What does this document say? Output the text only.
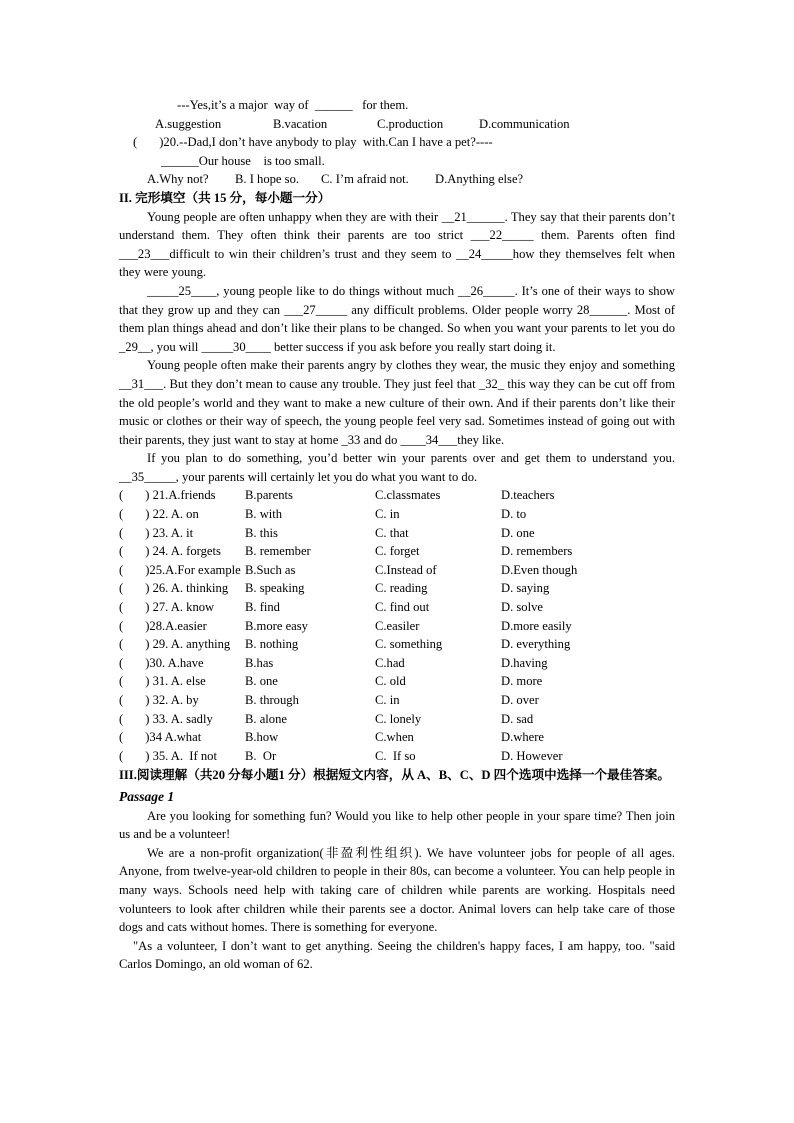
---Yes,it’s a major  way of  ______   for them.
A.suggestion	B.vacation	C.production	D.communication
(       )20.--Dad,I don’t have anybody to play  with.Can I have a pet?----
______Our house    is too small.
A.Why not?	B. I hope so.	C. I’m afraid not.	D.Anything else?
II. 完形填空（共 15 分，每小题一分）

Young people are often unhappy when they are with their __21______. They say that their parents don’t understand them. They often think their parents are too strict ___22_____ them. Parents often find ___23___difficult to win their children’s trust and they seem to __24_____how they themselves felt when they were young.

_____25____, young people like to do things without much __26_____. It’s one of their ways to show that they grow up and they can ___27_____ any difficult problems. Older people worry 28______. Most of them plan things ahead and don’t like their plans to be changed. So when you want your parents to let you do _29__, you will _____30____ better success if you ask before you really start doing it.

Young people often make their parents angry by clothes they wear, the music they enjoy and something __31___. But they don’t mean to cause any trouble. They just feel that _32_ this way they can be cut off from the old people’s world and they want to make a new culture of their own. And if their parents don’t like their music or clothes or their way of speech, the young people feel very sad. Sometimes instead of going out with their parents, they just want to stay at home _33 and do ____34___they like.

If you plan to do something, you’d better win your parents over and get them to understand you. __35_____, your parents will certainly let you do what you want to do.

(       ) 21.A.friends B.parents	C.classmates	D.teachers
(       ) 22. A. on	B. with	C. in	D. to
(       ) 23. A. it	B. this	C. that	D. one
(       ) 24. A. forgets B. remember	C. forget	D. remembers
(       )25.A.For example B.Such as	C.Instead of	D.Even though
(       ) 26. A. thinking B. speaking	C. reading	D. saying
(       ) 27. A. know B. find	C. find out	D. solve
(       )28.A.easier	B.more easy	C.easiler	D.more easily
(       ) 29. A. anything B. nothing	C. something	D. everything
(       )30. A.have	B.has	C.had	D.having
(       ) 31. A. else	B. one	C. old	D. more
(       ) 32. A. by	B. through	C. in	D. over
(       ) 33. A. sadly	B. alone	C. lonely	D. sad
(       )34 A.what	B.how	C.when	D.where
(       ) 35. A.  If not B.  Or	C.  If so	D. However
III.阅读理解（共20 分每小题1 分）根据短文内容，从 A、B、C、D 四个选项中选择一个最佳答案。
Passage 1

Are you looking for something fun? Would you like to help other people in your spare time? Then join us and be a volunteer!

We are a non-profit organization(非盈利性组织). We have volunteer jobs for people of all ages. Anyone, from twelve-year-old children to people in their 80s, can become a volunteer. You can help people in many ways. Schools need help with taking care of children while parents are working. Hospitals need volunteers to look after children while their parents see a doctor. Animal lovers can help take care of those dogs and cats without homes. There is something for everyone.

"As a volunteer, I don’t want to get anything. Seeing the children's happy faces, I am happy, too. "said Carlos Domingo, an old woman of 62.
